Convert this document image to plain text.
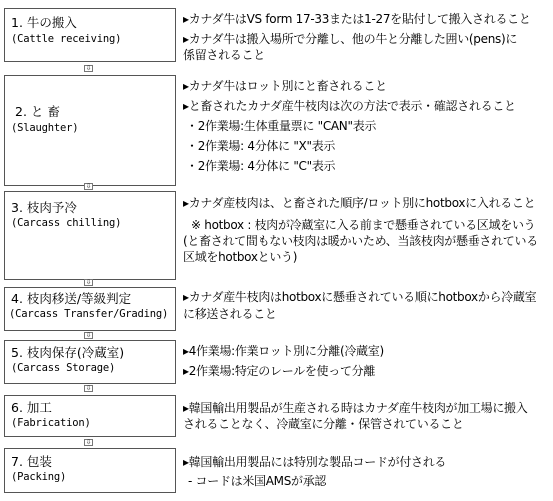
1. 牛の搬入
(Cattle receiving)
⇩
2. と 畜
(Slaughter)
⇩
3. 枝肉予冷
(Carcass chilling)
⇩
4. 枝肉移送/等級判定
(Carcass Transfer/Grading)
⇩
5. 枝肉保存(冷蔵室)
(Carcass Storage)
⇩
6. 加工
(Fabrication)
⇩
7. 包装
(Packing)
▸カナダ牛はVS form 17-33または1-27を貼付して搬入されること
▸カナダ牛は搬入場所で分離し、他の牛と分離した囲い(pens)に
係留されること
▸カナダ牛はロット別にと畜されること
▸と畜されたカナダ産牛枝肉は次の方法で表示・確認されること
・2作業場:生体重量票に "CAN"表示
・2作業場: 4分体に "X"表示
・2作業場: 4分体に "C"表示
▸カナダ産枝肉は、と畜された順序/ロット別にhotboxに入れること
※ hotbox : 枝肉が冷蔵室に入る前まで懸垂されている区域をいう
(と畜されて間もない枝肉は暖かいため、当該枝肉が懸垂されている
区域をhotboxという)
▸カナダ産牛枝肉はhotboxに懸垂されている順にhotboxから冷蔵室
に移送されること
▸4作業場:作業ロット別に分離(冷蔵室)
▸2作業場:特定のレールを使って分離
▸韓国輸出用製品が生産される時はカナダ産牛枝肉が加工場に搬入
されることなく、冷蔵室に分離・保管されていること
▸韓国輸出用製品には特別な製品コードが付される
- コードは米国AMSが承認
